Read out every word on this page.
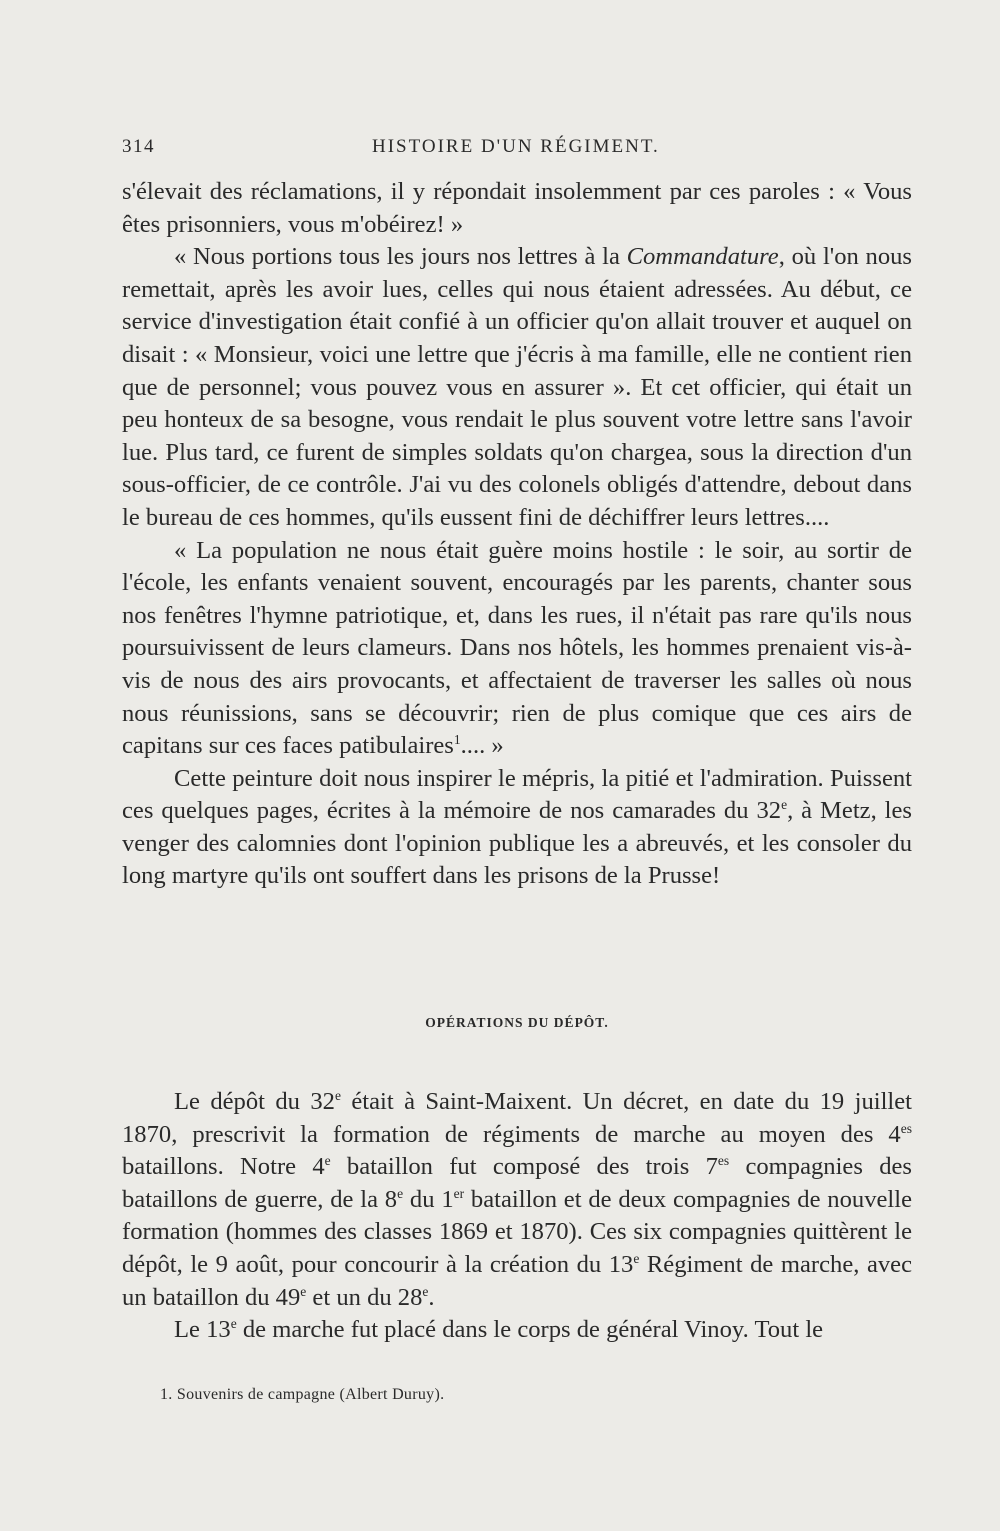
314	HISTOIRE D'UN RÉGIMENT.

s'élevait des réclamations, il y répondait insolemment par ces paroles : « Vous êtes prisonniers, vous m'obéirez! »

« Nous portions tous les jours nos lettres à la Commandature, où l'on nous remettait, après les avoir lues, celles qui nous étaient adressées. Au début, ce service d'investigation était confié à un officier qu'on allait trouver et auquel on disait : « Monsieur, voici une lettre que j'écris à ma famille, elle ne contient rien que de personnel; vous pouvez vous en assurer ». Et cet officier, qui était un peu honteux de sa besogne, vous rendait le plus souvent votre lettre sans l'avoir lue. Plus tard, ce furent de simples soldats qu'on chargea, sous la direction d'un sous-officier, de ce contrôle. J'ai vu des colonels obligés d'attendre, debout dans le bureau de ces hommes, qu'ils eussent fini de déchiffrer leurs lettres....

« La population ne nous était guère moins hostile : le soir, au sortir de l'école, les enfants venaient souvent, encouragés par les parents, chanter sous nos fenêtres l'hymne patriotique, et, dans les rues, il n'était pas rare qu'ils nous poursuivissent de leurs clameurs. Dans nos hôtels, les hommes prenaient vis-à-vis de nous des airs provocants, et affectaient de traverser les salles où nous nous réunissions, sans se découvrir; rien de plus comique que ces airs de capitans sur ces faces patibulaires$^1$.... »

Cette peinture doit nous inspirer le mépris, la pitié et l'admiration. Puissent ces quelques pages, écrites à la mémoire de nos camarades du 32e, à Metz, les venger des calomnies dont l'opinion publique les a abreuvés, et les consoler du long martyre qu'ils ont souffert dans les prisons de la Prusse!

OPÉRATIONS DU DÉPÔT.

Le dépôt du 32e était à Saint-Maixent. Un décret, en date du 19 juillet 1870, prescrivit la formation de régiments de marche au moyen des $4^{es}$ bataillons. Notre 4e bataillon fut composé des trois $7^{es}$ compagnies des bataillons de guerre, de la 8e du 1er bataillon et de deux compagnies de nouvelle formation (hommes des classes 1869 et 1870). Ces six compagnies quittèrent le dépôt, le 9 août, pour concourir à la création du 13e Régiment de marche, avec un bataillon du 49e et un du 28e.

Le 13e de marche fut placé dans le corps de général Vinoy. Tout le

1. Souvenirs de campagne (Albert Duruy).
